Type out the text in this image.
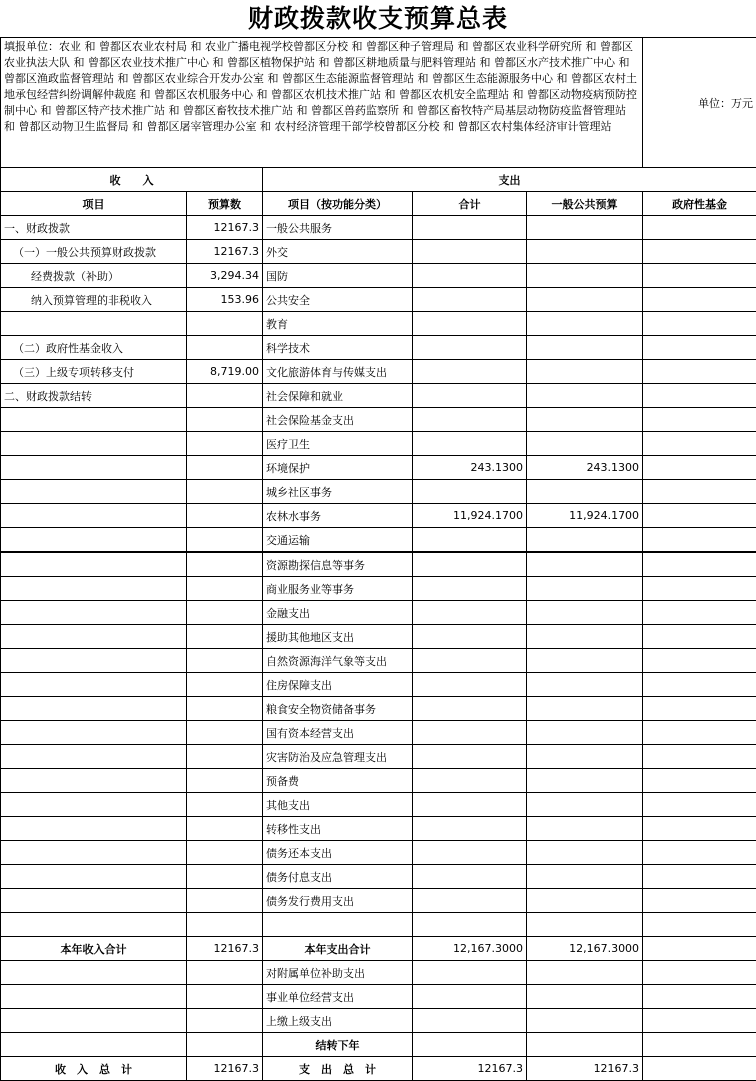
财政拨款收支预算总表
填报单位：农业 和 曾都区农业农村局 和 农业广播电视学校曾都区分校 和 曾都区种子管理局 和 曾都区农业科学研究所 和 曾都区农业执法大队 和 曾都区农业技术推广中心 和 曾都区植物保护站 和 曾都区耕地质量与肥料管理站 和 曾都区水产技术推广中心 和 曾都区渔政监督管理站 和 曾都区农业综合开发办公室 和 曾都区生态能源监督管理站 和 曾都区生态能源服务中心 和 曾都区农村土地承包经营纠纷调解仲裁庭 和 曾都区农机服务中心 和 曾都区农机技术推广站 和 曾都区农机安全监理站 和 曾都区动物疫病预防控制中心 和 曾都区特产技术推广站 和 曾都区畜牧技术推广站 和 曾都区兽药监察所 和 曾都区畜牧特产局基层动物防疫监督管理站 和 曾都区动物卫生监督局 和 曾都区屠宰管理办公室 和 农村经济管理干部学校曾都区分校 和 曾都区农村集体经济审计管理站					单位：万元
收　　入		支出			
项目	预算数	项目（按功能分类）	合计	一般公共预算	政府性基金
一、财政拨款	12167.3	一般公共服务			
（一）一般公共预算财政拨款	12167.3	外交			
经费拨款（补助）	3,294.34	国防			
纳入预算管理的非税收入	153.96	公共安全			
		教育			
（二）政府性基金收入		科学技术			
（三）上级专项转移支付	8,719.00	文化旅游体育与传媒支出			
二、财政拨款结转		社会保障和就业			
		社会保险基金支出			
		医疗卫生			
		环境保护	243.1300	243.1300	
		城乡社区事务			
		农林水事务	11,924.1700	11,924.1700	
		交通运输			
		资源勘探信息等事务			
		商业服务业等事务			
		金融支出			
		援助其他地区支出			
		自然资源海洋气象等支出			
		住房保障支出			
		粮食安全物资储备事务			
		国有资本经营支出			
		灾害防治及应急管理支出			
		预备费			
		其他支出			
		转移性支出			
		债务还本支出			
		债务付息支出			
		债务发行费用支出			

本年收入合计	12167.3	本年支出合计	12,167.3000	12,167.3000	
		对附属单位补助支出			
		事业单位经营支出			
		上缴上级支出			
		结转下年			
收　入　总　计	12167.3	支　出　总　计	12167.3	12167.3	
